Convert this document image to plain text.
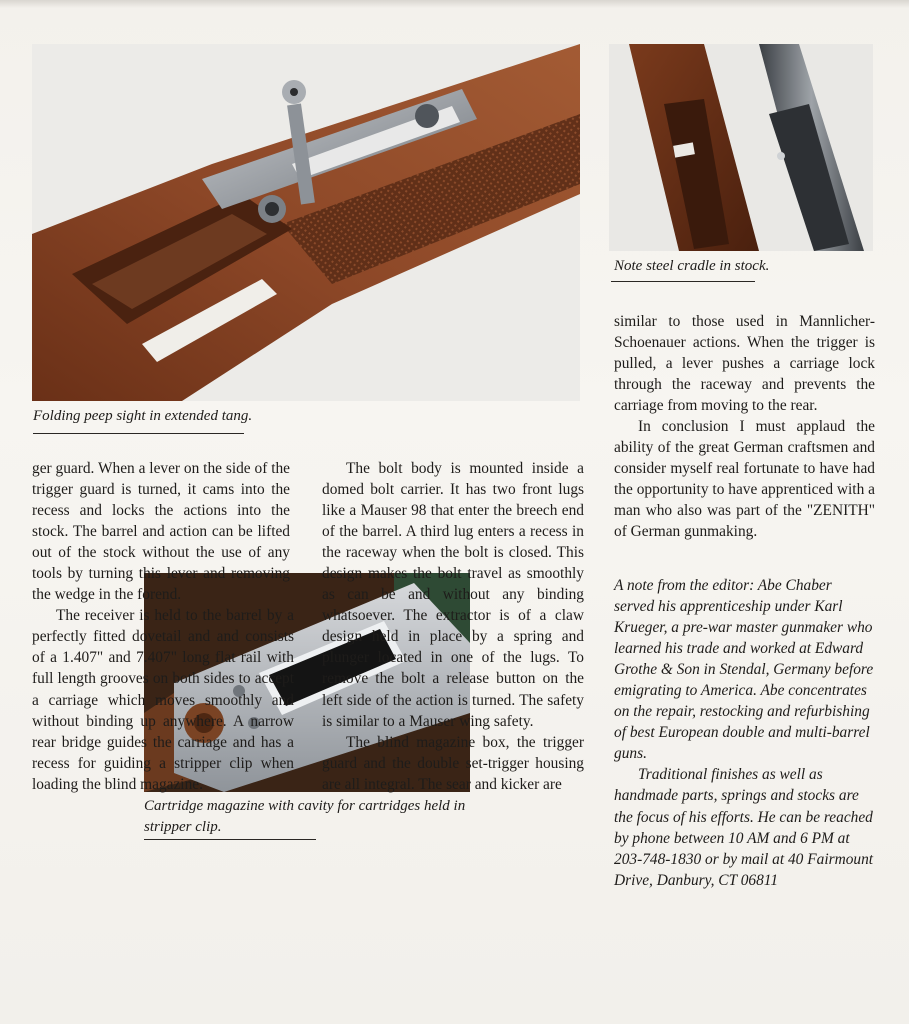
Folding peep sight in extended tang.
Note steel cradle in stock.
Cartridge magazine with cavity for cartridges held in stripper clip.

ger guard. When a lever on the side of the trigger guard is turned, it cams into the recess and locks the actions into the stock. The barrel and action can be lifted out of the stock without the use of any tools by turning this lever and removing the wedge in the forend.

The receiver is held to the barrel by a perfectly fitted dovetail and and consists of a 1.407" and 7.407" long flat rail with full length grooves on both sides to accept a carriage which moves smoothly and without binding up anywhere. A narrow rear bridge guides the carriage and has a recess for guiding a stripper clip when loading the blind magazine.

The bolt body is mounted inside a domed bolt carrier. It has two front lugs like a Mauser 98 that enter the breech end of the barrel. A third lug enters a recess in the raceway when the bolt is closed. This design makes the bolt travel as smoothly as can be and without any binding whatsoever. The extractor is of a claw design held in place by a spring and plunger located in one of the lugs. To remove the bolt a release button on the left side of the action is turned. The safety is similar to a Mauser wing safety.

The blind magazine box, the trigger guard and the double set-trigger housing are all integral. The sear and kicker are

similar to those used in Mannlicher-Schoenauer actions. When the trigger is pulled, a lever pushes a carriage lock through the raceway and prevents the carriage from moving to the rear.

In conclusion I must applaud the ability of the great German craftsmen and consider myself real fortunate to have had the opportunity to have apprenticed with a man who also was part of the "ZENITH" of German gunmaking.

A note from the editor: Abe Chaber served his apprenticeship under Karl Krueger, a pre-war master gunmaker who learned his trade and worked at Edward Grothe & Son in Stendal, Germany before emigrating to America. Abe concentrates on the repair, restocking and refurbishing of best European double and multi-barrel guns.

Traditional finishes as well as handmade parts, springs and stocks are the focus of his efforts. He can be reached by phone between 10 AM and 6 PM at 203-748-1830 or by mail at 40 Fairmount Drive, Danbury, CT 06811
